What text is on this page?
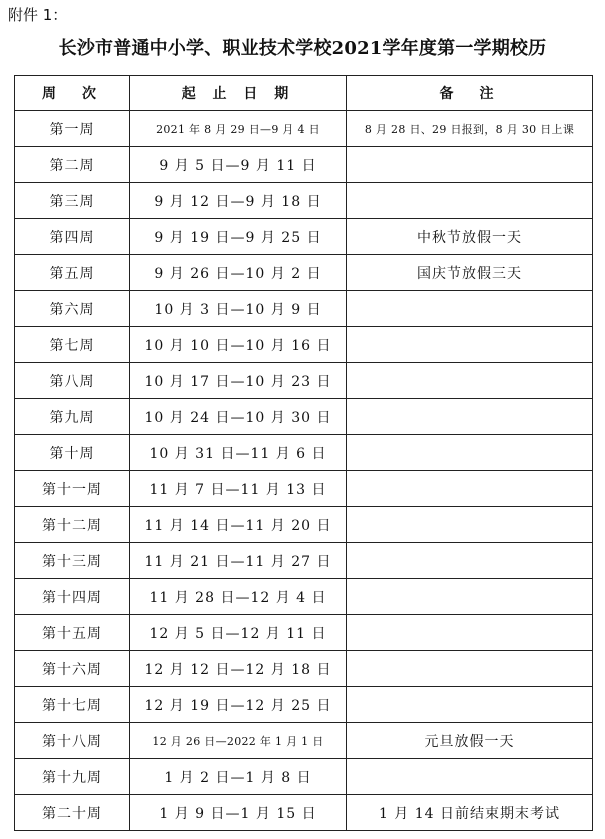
附件 1：
长沙市普通中小学、职业技术学校2021学年度第一学期校历
周　次	起 止 日 期	备　注
第一周	2021 年 8 月 29 日—9 月 4 日	8 月 28 日、29 日报到，8 月 30 日上课
第二周	9 月 5 日—9 月 11 日	
第三周	9 月 12 日—9 月 18 日	
第四周	9 月 19 日—9 月 25 日	中秋节放假一天
第五周	9 月 26 日—10 月 2 日	国庆节放假三天
第六周	10 月 3 日—10 月 9 日	
第七周	10 月 10 日—10 月 16 日	
第八周	10 月 17 日—10 月 23 日	
第九周	10 月 24 日—10 月 30 日	
第十周	10 月 31 日—11 月 6 日	
第十一周	11 月 7 日—11 月 13 日	
第十二周	11 月 14 日—11 月 20 日	
第十三周	11 月 21 日—11 月 27 日	
第十四周	11 月 28 日—12 月 4 日	
第十五周	12 月 5 日—12 月 11 日	
第十六周	12 月 12 日—12 月 18 日	
第十七周	12 月 19 日—12 月 25 日	
第十八周	12 月 26 日—2022 年 1 月 1 日	元旦放假一天
第十九周	1 月 2 日—1 月 8 日	
第二十周	1 月 9 日—1 月 15 日	1 月 14 日前结束期末考试
